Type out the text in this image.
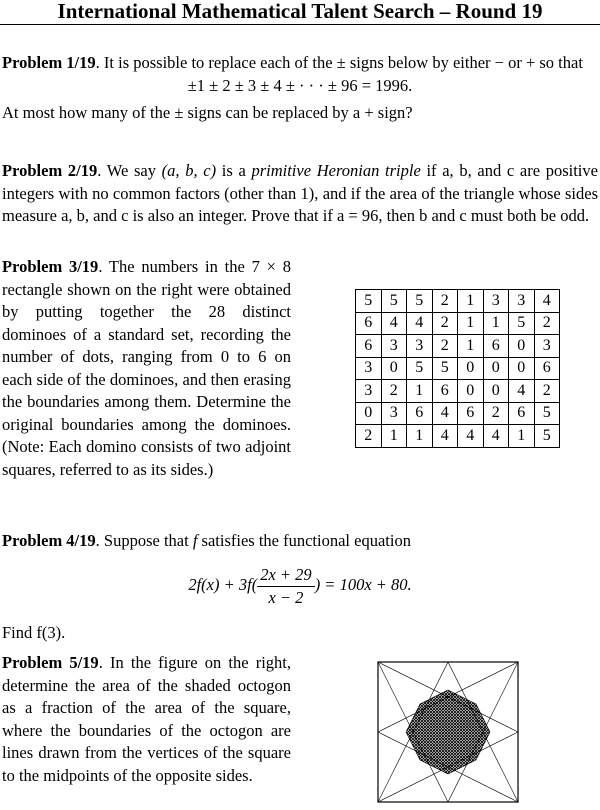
International Mathematical Talent Search – Round 19
Problem 1/19. It is possible to replace each of the ± signs below by either − or + so that
±1 ± 2 ± 3 ± 4 ± · · · ± 96 = 1996.
At most how many of the ± signs can be replaced by a + sign?
Problem 2/19. We say (a, b, c) is a primitive Heronian triple if a, b, and c are positive integers with no common factors (other than 1), and if the area of the triangle whose sides measure a, b, and c is also an integer. Prove that if a = 96, then b and c must both be odd.
Problem 3/19. The numbers in the 7 × 8 rectangle shown on the right were obtained by putting together the 28 distinct dominoes of a standard set, recording the number of dots, ranging from 0 to 6 on each side of the dominoes, and then erasing the boundaries among them. Determine the original boundaries among the dominoes. (Note: Each domino consists of two adjoint squares, referred to as its sides.)
5	5	5	2	1	3	3	4
6	4	4	2	1	1	5	2
6	3	3	2	1	6	0	3
3	0	5	5	0	0	0	6
3	2	1	6	0	0	4	2
0	3	6	4	6	2	6	5
2	1	1	4	4	4	1	5
Problem 4/19. Suppose that f satisfies the functional equation
$2f(x) + 3f( \frac{2x + 29}{x - 2}$ ) = 100x + 80.
Find f(3).
Problem 5/19. In the figure on the right, determine the area of the shaded octogon as a fraction of the area of the square, where the boundaries of the octogon are lines drawn from the vertices of the square to the midpoints of the opposite sides.
